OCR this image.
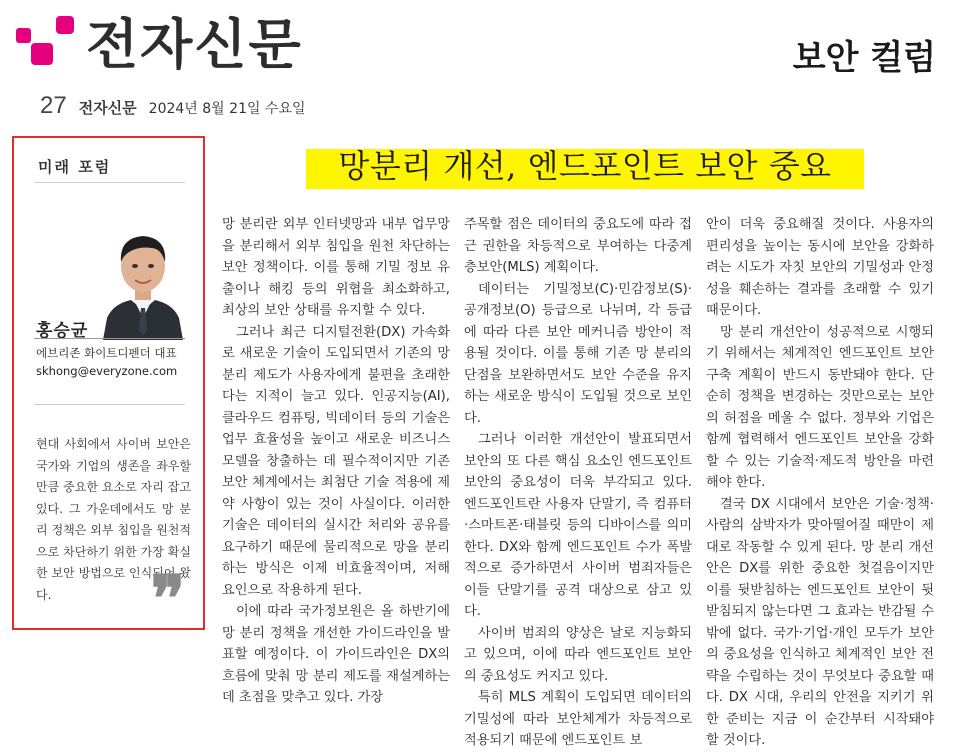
전자신문	보안 컬럼
27 전자신문 2024년 8월 21일 수요일
미래 포럼
홍승균
에브리존 화이트디펜더 대표
skhong@everyzone.com
현대 사회에서 사이버 보안은 국가와 기업의 생존을 좌우할 만큼 중요한 요소로 자리 잡고 있다. 그 가운데에서도 망 분리 정책은 외부 침입을 원천적으로 차단하기 위한 가장 확실한 보안 방법으로 인식되어 왔다.	❞
망분리 개선, 엔드포인트 보안 중요

망 분리란 외부 인터넷망과 내부 업무망을 분리해서 외부 침입을 원천 차단하는 보안 정책이다. 이를 통해 기밀 정보 유출이나 해킹 등의 위협을 최소화하고, 최상의 보안 상태를 유지할 수 있다.

그러나 최근 디지털전환(DX) 가속화로 새로운 기술이 도입되면서 기존의 망 분리 제도가 사용자에게 불편을 초래한다는 지적이 늘고 있다. 인공지능(AI), 클라우드 컴퓨팅, 빅데이터 등의 기술은 업무 효율성을 높이고 새로운 비즈니스 모델을 창출하는 데 필수적이지만 기존 보안 체계에서는 최첨단 기술 적용에 제약 사항이 있는 것이 사실이다. 이러한 기술은 데이터의 실시간 처리와 공유를 요구하기 때문에 물리적으로 망을 분리하는 방식은 이제 비효율적이며, 저해 요인으로 작용하게 된다.

이에 따라 국가정보원은 올 하반기에 망 분리 정책을 개선한 가이드라인을 발표할 예정이다. 이 가이드라인은 DX의 흐름에 맞춰 망 분리 제도를 재설계하는 데 초점을 맞추고 있다. 가장

주목할 점은 데이터의 중요도에 따라 접근 권한을 차등적으로 부여하는 다중계층보안(MLS) 계획이다.

데이터는 기밀정보(C)·민감정보(S)·공개정보(O) 등급으로 나뉘며, 각 등급에 따라 다른 보안 메커니즘 방안이 적용될 것이다. 이를 통해 기존 망 분리의 단점을 보완하면서도 보안 수준을 유지하는 새로운 방식이 도입될 것으로 보인다.

그러나 이러한 개선안이 발표되면서 보안의 또 다른 핵심 요소인 엔드포인트 보안의 중요성이 더욱 부각되고 있다. 엔드포인트란 사용자 단말기, 즉 컴퓨터·스마트폰·태블릿 등의 디바이스를 의미한다. DX와 함께 엔드포인트 수가 폭발적으로 증가하면서 사이버 범죄자들은 이들 단말기를 공격 대상으로 삼고 있다.

사이버 범죄의 양상은 날로 지능화되고 있으며, 이에 따라 엔드포인트 보안의 중요성도 커지고 있다.

특히 MLS 계획이 도입되면 데이터의 기밀성에 따라 보안체계가 차등적으로 적용되기 때문에 엔드포인트 보

안이 더욱 중요해질 것이다. 사용자의 편리성을 높이는 동시에 보안을 강화하려는 시도가 자칫 보안의 기밀성과 안정성을 훼손하는 결과를 초래할 수 있기 때문이다.

망 분리 개선안이 성공적으로 시행되기 위해서는 체계적인 엔드포인트 보안 구축 계획이 반드시 동반돼야 한다. 단순히 정책을 변경하는 것만으로는 보안의 허점을 메울 수 없다. 정부와 기업은 함께 협력해서 엔드포인트 보안을 강화할 수 있는 기술적·제도적 방안을 마련해야 한다.

결국 DX 시대에서 보안은 기술·정책·사람의 삼박자가 맞아떨어질 때만이 제대로 작동할 수 있게 된다. 망 분리 개선안은 DX를 위한 중요한 첫걸음이지만 이를 뒷받침하는 엔드포인트 보안이 뒷받침되지 않는다면 그 효과는 반감될 수밖에 없다. 국가·기업·개인 모두가 보안의 중요성을 인식하고 체계적인 보안 전략을 수립하는 것이 무엇보다 중요할 때다. DX 시대, 우리의 안전을 지키기 위한 준비는 지금 이 순간부터 시작돼야 할 것이다.
